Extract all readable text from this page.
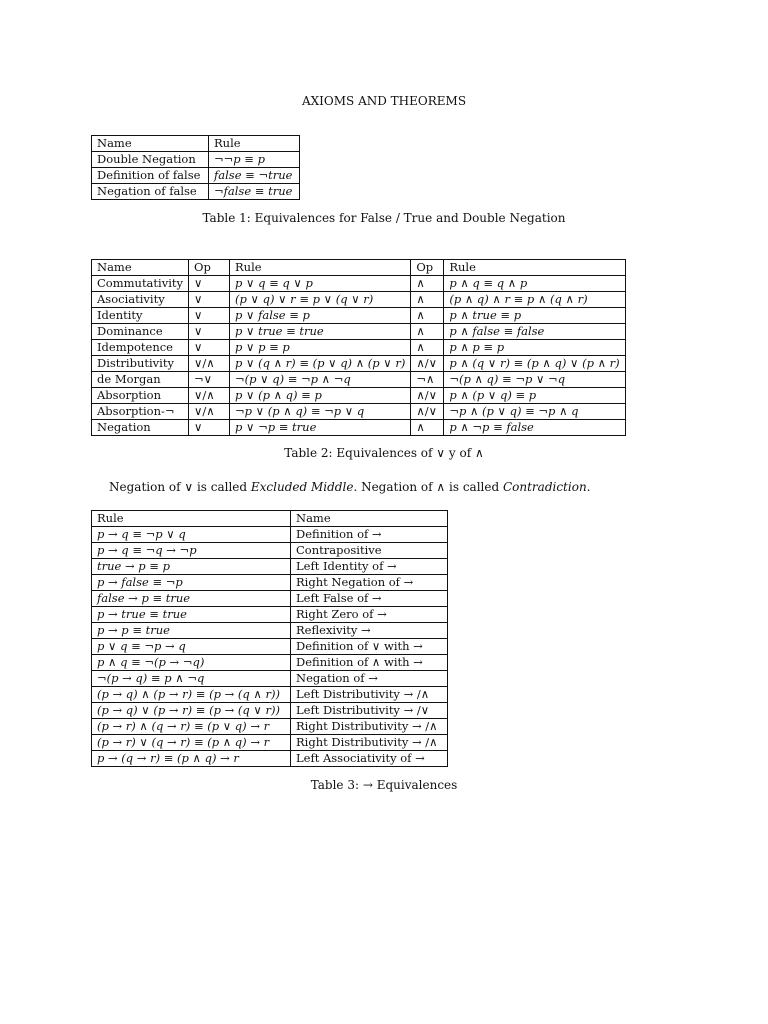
AXIOMS AND THEOREMS
Name	Rule
Double Negation	¬¬p ≡ p
Definition of false	false ≡ ¬true
Negation of false	¬false ≡ true
Table 1: Equivalences for False / True and Double Negation
Name	Op	Rule	Op	Rule
Commutativity	∨	p ∨ q ≡ q ∨ p	∧	p ∧ q ≡ q ∧ p
Asociativity	∨	(p ∨ q) ∨ r ≡ p ∨ (q ∨ r)	∧	(p ∧ q) ∧ r ≡ p ∧ (q ∧ r)
Identity	∨	p ∨ false ≡ p	∧	p ∧ true ≡ p
Dominance	∨	p ∨ true ≡ true	∧	p ∧ false ≡ false
Idempotence	∨	p ∨ p ≡ p	∧	p ∧ p ≡ p
Distributivity	∨/∧	p ∨ (q ∧ r) ≡ (p ∨ q) ∧ (p ∨ r)	∧/∨	p ∧ (q ∨ r) ≡ (p ∧ q) ∨ (p ∧ r)
de Morgan	¬∨	¬(p ∨ q) ≡ ¬p ∧ ¬q	¬∧	¬(p ∧ q) ≡ ¬p ∨ ¬q
Absorption	∨/∧	p ∨ (p ∧ q) ≡ p	∧/∨	p ∧ (p ∨ q) ≡ p
Absorption-¬	∨/∧	¬p ∨ (p ∧ q) ≡ ¬p ∨ q	∧/∨	¬p ∧ (p ∨ q) ≡ ¬p ∧ q
Negation	∨	p ∨ ¬p ≡ true	∧	p ∧ ¬p ≡ false
Table 2: Equivalences of ∨ y of ∧
Negation of ∨ is called Excluded Middle. Negation of ∧ is called Contradiction.
Rule	Name
p → q ≡ ¬p ∨ q	Definition of →
p → q ≡ ¬q → ¬p	Contrapositive
true → p ≡ p	Left Identity of →
p → false ≡ ¬p	Right Negation of →
false → p ≡ true	Left False of →
p → true ≡ true	Right Zero of →
p → p ≡ true	Reflexivity →
p ∨ q ≡ ¬p → q	Definition of ∨ with →
p ∧ q ≡ ¬(p → ¬q)	Definition of ∧ with →
¬(p → q) ≡ p ∧ ¬q	Negation of →
(p → q) ∧ (p → r) ≡ (p → (q ∧ r))	Left Distributivity → /∧
(p → q) ∨ (p → r) ≡ (p → (q ∨ r))	Left Distributivity → /∨
(p → r) ∧ (q → r) ≡ (p ∨ q) → r	Right Distributivity → /∧
(p → r) ∨ (q → r) ≡ (p ∧ q) → r	Right Distributivity → /∧
p → (q → r) ≡ (p ∧ q) → r	Left Associativity of →
Table 3: → Equivalences
